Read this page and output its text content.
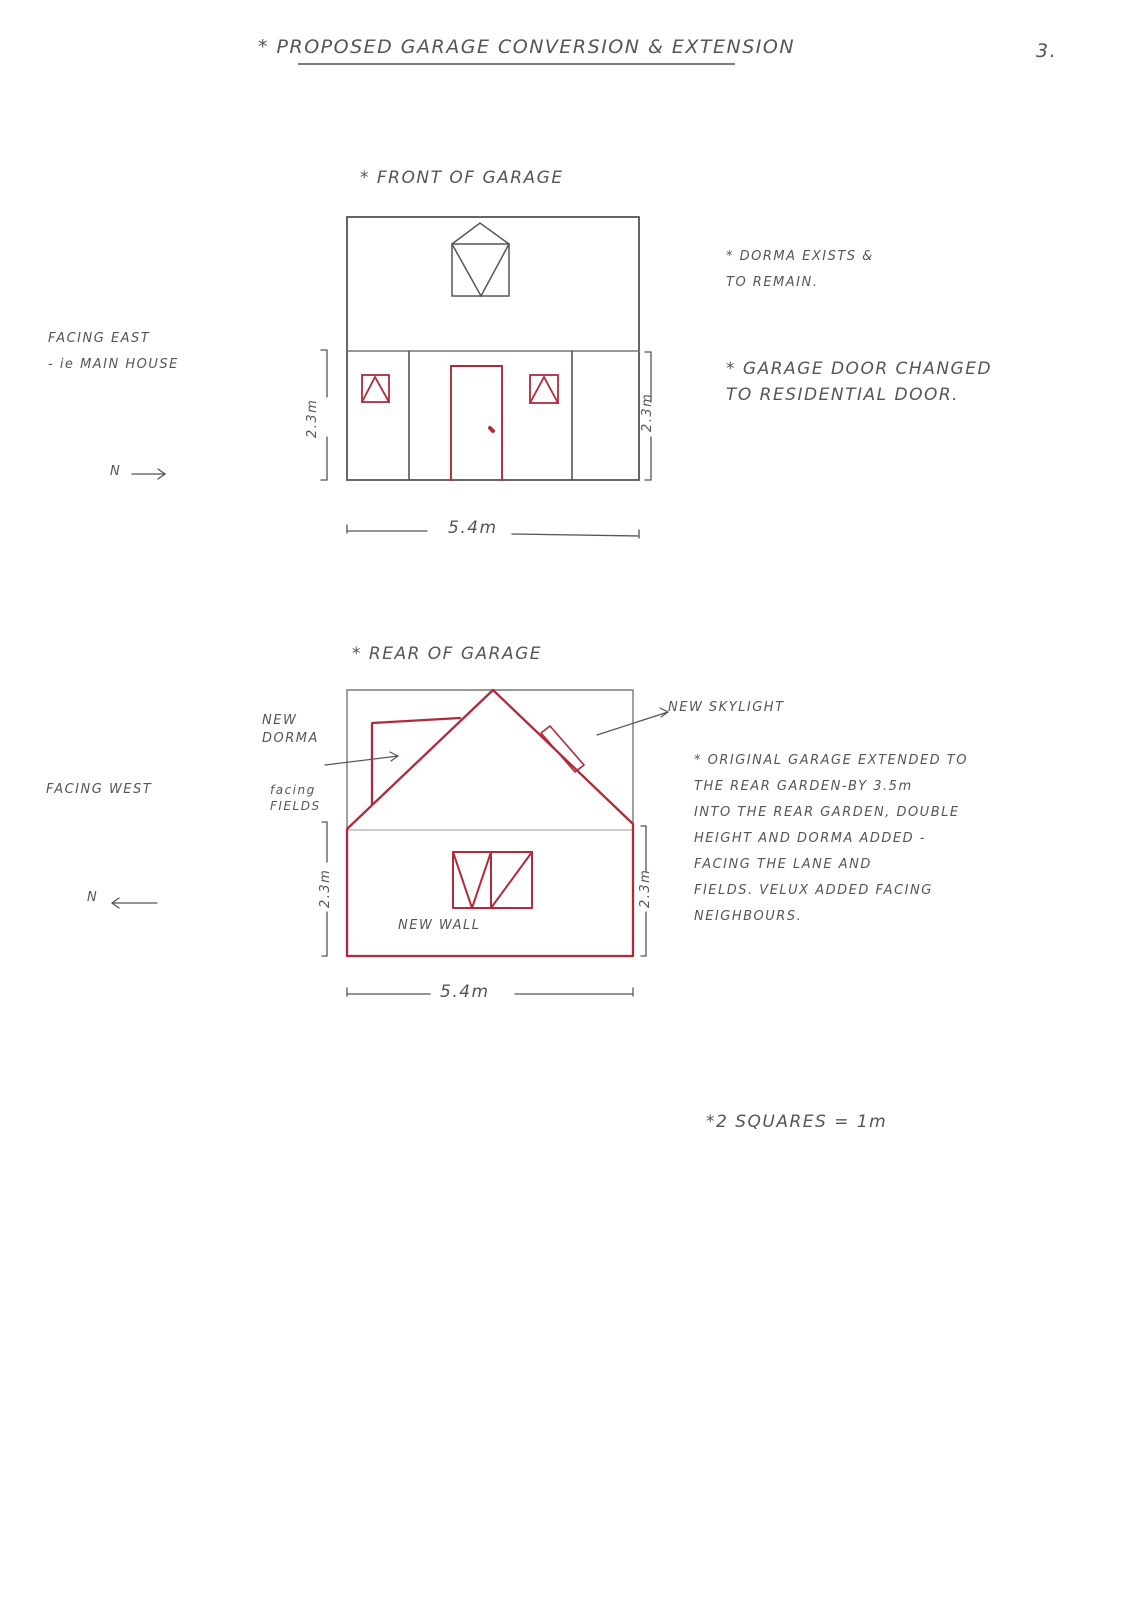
* PROPOSED GARAGE CONVERSION & EXTENSION	3.
* FRONT OF GARAGE
FACING EAST
- ie MAIN HOUSE
N
2.3m	2.3m
5.4m
* DORMA EXISTS &
TO REMAIN.
* GARAGE DOOR CHANGED
TO RESIDENTIAL DOOR.
* REAR OF GARAGE
FACING WEST
N
NEW
DORMA
facing
FIELDS
NEW SKYLIGHT
NEW WALL
2.3m	2.3m
5.4m
* ORIGINAL GARAGE EXTENDED TO
THE REAR GARDEN-BY 3.5m
INTO THE REAR GARDEN, DOUBLE
HEIGHT AND DORMA ADDED -
FACING THE LANE AND
FIELDS. VELUX ADDED FACING
NEIGHBOURS.
*2 SQUARES = 1m
